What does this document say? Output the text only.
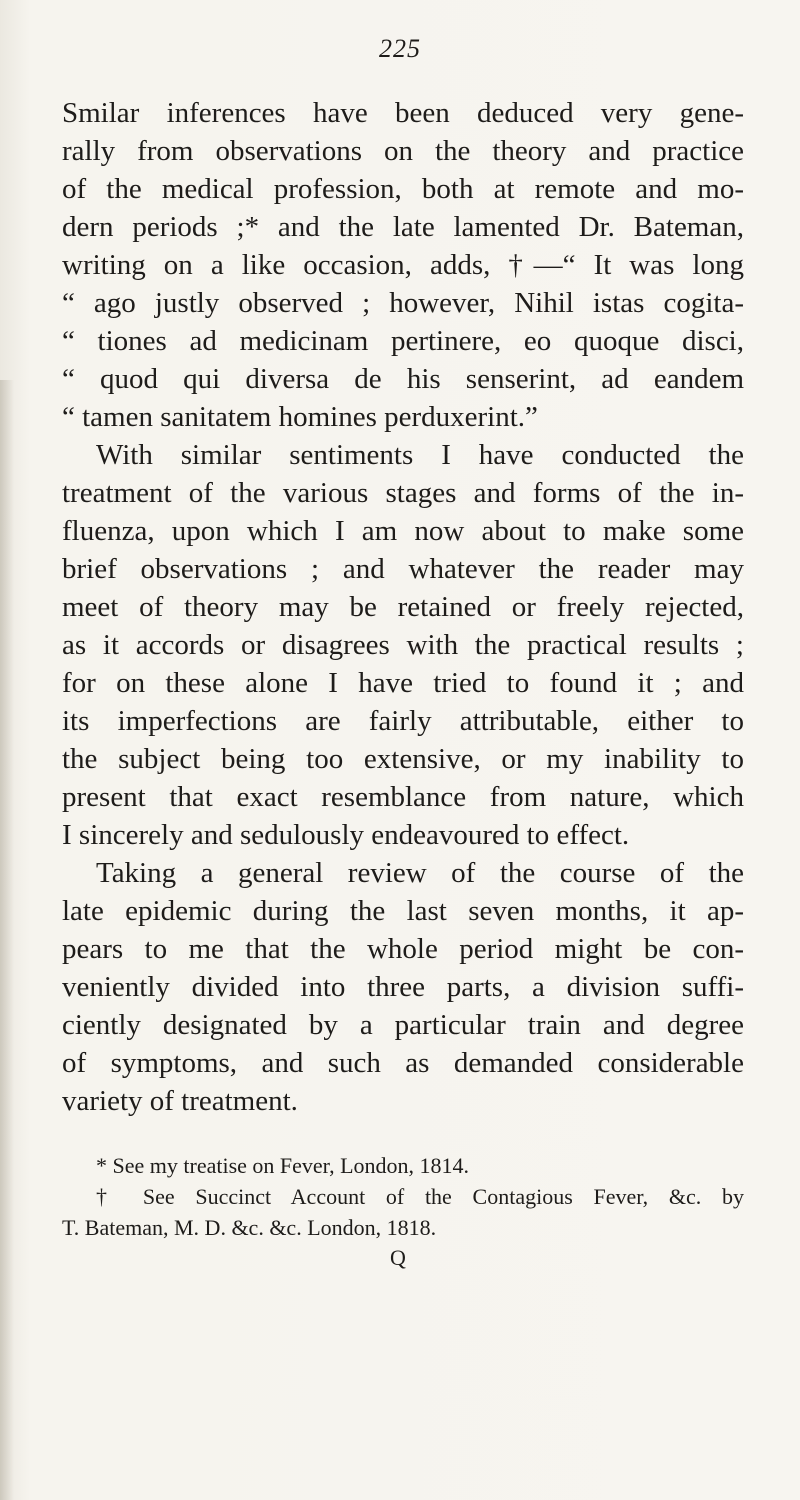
225
Smilar inferences have been deduced very gene-
rally from observations on the theory and practice
of the medical profession, both at remote and mo-
dern periods ;* and the late lamented Dr. Bateman,
writing on a like occasion, adds, †—“ It was long
“ ago justly observed ; however, Nihil istas cogita-
“ tiones ad medicinam pertinere, eo quoque disci,
“ quod qui diversa de his senserint, ad eandem
“ tamen sanitatem homines perduxerint.”
With similar sentiments I have conducted the
treatment of the various stages and forms of the in-
fluenza, upon which I am now about to make some
brief observations ; and whatever the reader may
meet of theory may be retained or freely rejected,
as it accords or disagrees with the practical results ;
for on these alone I have tried to found it ; and
its imperfections are fairly attributable, either to
the subject being too extensive, or my inability to
present that exact resemblance from nature, which
I sincerely and sedulously endeavoured to effect.
Taking a general review of the course of the
late epidemic during the last seven months, it ap-
pears to me that the whole period might be con-
veniently divided into three parts, a division suffi-
ciently designated by a particular train and degree
of symptoms, and such as demanded considerable
variety of treatment.
* See my treatise on Fever, London, 1814.
† See Succinct Account of the Contagious Fever, &c. by
T. Bateman, M. D. &c. &c. London, 1818.
Q
